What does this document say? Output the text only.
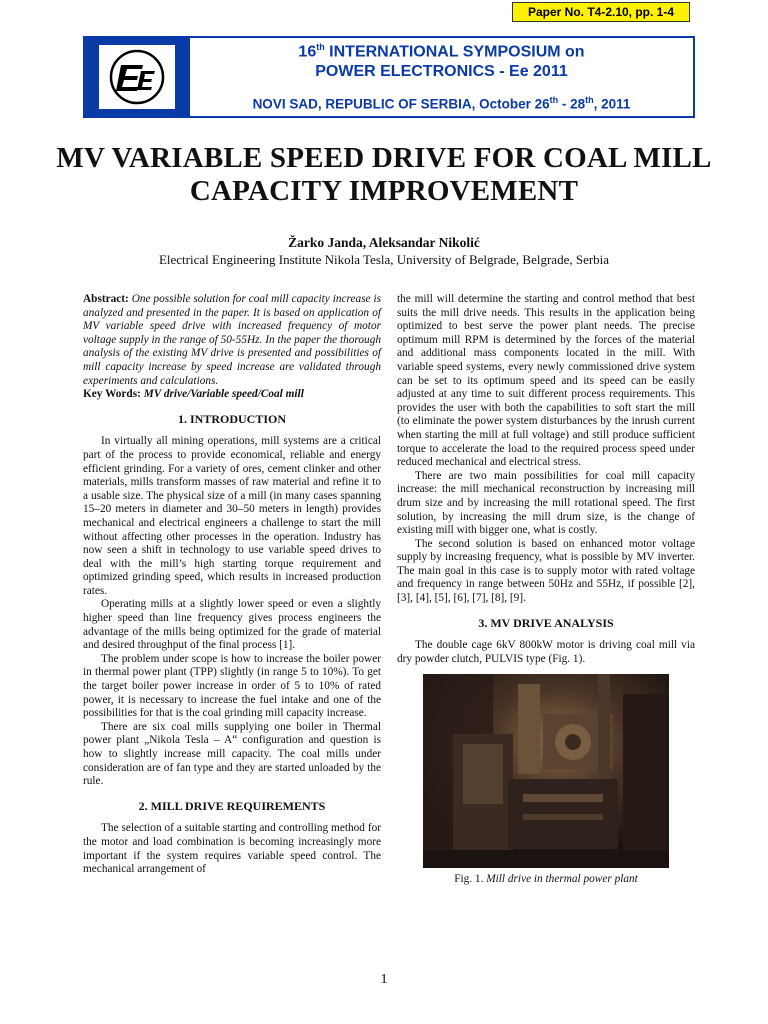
Paper No. T4-2.10, pp. 1-4
16th INTERNATIONAL SYMPOSIUM on
POWER ELECTRONICS - Ee 2011
NOVI SAD, REPUBLIC OF SERBIA, October 26th - 28th, 2011
MV VARIABLE SPEED DRIVE FOR COAL MILL CAPACITY IMPROVEMENT
Žarko Janda, Aleksandar Nikolić
Electrical Engineering Institute Nikola Tesla, University of Belgrade, Belgrade, Serbia

Abstract: One possible solution for coal mill capacity increase is analyzed and presented in the paper. It is based on application of MV variable speed drive with increased frequency of motor voltage supply in the range of 50-55Hz. In the paper the thorough analysis of the existing MV drive is presented and possibilities of mill capacity increase by speed increase are validated through experiments and calculations.

Key Words: MV drive/Variable speed/Coal mill

1. INTRODUCTION

In virtually all mining operations, mill systems are a critical part of the process to provide economical, reliable and energy efficient grinding. For a variety of ores, cement clinker and other materials, mills transform masses of raw material and refine it to a usable size. The physical size of a mill (in many cases spanning 15–20 meters in diameter and 30–50 meters in length) provides mechanical and electrical engineers a challenge to start the mill without affecting other processes in the operation. Industry has now seen a shift in technology to use variable speed drives to deal with the mill’s high starting torque requirement and optimized grinding speed, which results in increased production rates.

Operating mills at a slightly lower speed or even a slightly higher speed than line frequency gives process engineers the advantage of the mills being optimized for the grade of material and desired throughput of the final process [1].

The problem under scope is how to increase the boiler power in thermal power plant (TPP) slightly (in range 5 to 10%). To get the target boiler power increase in order of 5 to 10% of rated power, it is necessary to increase the fuel intake and one of the possibilities for that is the coal grinding mill capacity increase.

There are six coal mills supplying one boiler in Thermal power plant „Nikola Tesla – A“ configuration and question is how to slightly increase mill capacity. The coal mills under consideration are of fan type and they are started unloaded by the rule.

2. MILL DRIVE REQUIREMENTS

The selection of a suitable starting and controlling method for the motor and load combination is becoming increasingly more important if the system requires variable speed control. The mechanical arrangement of

the mill will determine the starting and control method that best suits the mill drive needs. This results in the application being optimized to best serve the power plant needs. The precise optimum mill RPM is determined by the forces of the material and additional mass components located in the mill. With variable speed systems, every newly commissioned drive system can be set to its optimum speed and its speed can be easily adjusted at any time to suit different process requirements. This provides the user with both the capabilities to soft start the mill (to eliminate the power system disturbances by the inrush current when starting the mill at full voltage) and still produce sufficient torque to accelerate the load to the required process speed under reduced mechanical and electrical stress.

There are two main possibilities for coal mill capacity increase: the mill mechanical reconstruction by increasing mill drum size and by increasing the mill rotational speed. The first solution, by increasing the mill drum size, is the change of existing mill with bigger one, what is costly.

The second solution is based on enhanced motor voltage supply by increasing frequency, what is possible by MV inverter. The main goal in this case is to supply motor with rated voltage and frequency in range between 50Hz and 55Hz, if possible [2], [3], [4], [5], [6], [7], [8], [9].

3. MV DRIVE ANALYSIS

The double cage 6kV 800kW motor is driving coal mill via dry powder clutch, PULVIS type (Fig. 1).

Fig. 1. Mill drive in thermal power plant

1
